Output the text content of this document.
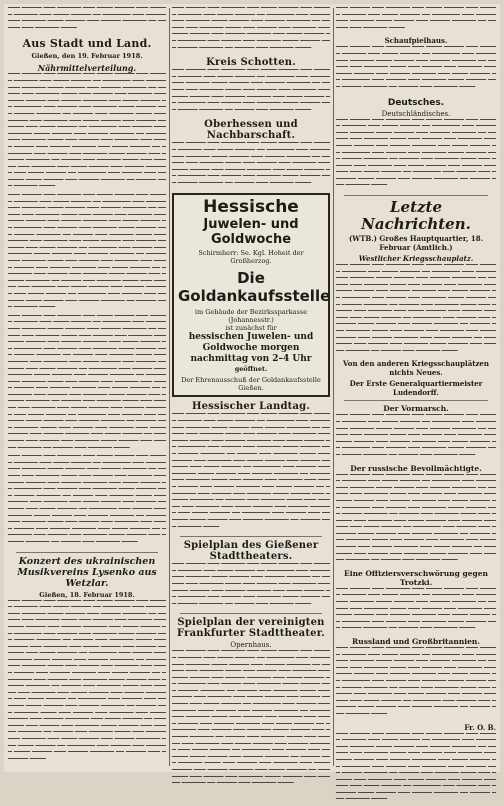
▔▔▔ ▔▔▔▔▔ ▔▔▔ ▔▔▔▔▔▔ ▔▔▔ ▔▔▔▔ ▔▔▔▔▔ ▔▔▔ ▔▔▔▔▔ ▔▔▔▔▔▔ ▔▔▔ ▔▔▔▔ ▔▔▔▔▔ ▔▔ ▔▔▔▔▔▔▔ ▔▔▔ ▔▔▔▔▔ ▔▔▔ ▔▔▔▔▔▔ ▔▔▔▔ ▔▔▔▔▔ ▔▔▔ ▔▔▔▔▔ ▔▔▔▔▔▔ ▔▔ ▔▔▔▔▔ ▔▔▔ ▔▔▔▔▔▔ ▔▔▔▔

Aus Stadt und Land.
Gießen, den 19. Februar 1918.
Nährmittelverteilung.

▔▔▔ ▔▔▔▔▔ ▔▔▔ ▔▔▔▔▔▔ ▔▔▔ ▔▔▔▔ ▔▔▔▔▔ ▔▔▔ ▔▔▔▔▔ ▔▔▔▔▔▔ ▔▔▔ ▔▔▔▔ ▔▔▔▔▔ ▔▔ ▔▔▔▔▔▔▔ ▔▔▔ ▔▔▔▔▔ ▔▔▔ ▔▔▔▔▔▔ ▔▔▔▔ ▔▔▔▔▔ ▔▔▔ ▔▔▔▔▔ ▔▔▔▔▔▔ ▔▔ ▔▔▔▔▔ ▔▔▔ ▔▔▔▔▔▔ ▔▔▔▔ ▔▔▔ ▔▔▔▔▔ ▔▔▔ ▔▔▔▔▔▔ ▔▔▔ ▔▔▔▔ ▔▔▔▔▔ ▔▔▔ ▔▔▔▔▔ ▔▔▔▔▔▔ ▔▔▔ ▔▔▔▔ ▔▔▔▔▔ ▔▔ ▔▔▔▔▔▔▔ ▔▔▔ ▔▔▔▔▔ ▔▔▔ ▔▔▔▔▔▔ ▔▔▔▔ ▔▔▔▔▔ ▔▔▔ ▔▔▔▔▔ ▔▔▔▔▔▔ ▔▔ ▔▔▔▔▔ ▔▔▔ ▔▔▔▔▔▔ ▔▔▔▔ ▔▔▔ ▔▔▔▔▔ ▔▔▔ ▔▔▔▔▔▔ ▔▔▔ ▔▔▔▔ ▔▔▔▔▔ ▔▔▔ ▔▔▔▔▔ ▔▔▔▔▔▔ ▔▔▔ ▔▔▔▔ ▔▔▔▔▔ ▔▔ ▔▔▔▔▔▔▔ ▔▔▔ ▔▔▔▔▔ ▔▔▔ ▔▔▔▔▔▔ ▔▔▔▔ ▔▔▔▔▔ ▔▔▔ ▔▔▔▔▔ ▔▔▔▔▔▔ ▔▔ ▔▔▔▔▔ ▔▔▔ ▔▔▔▔▔▔ ▔▔▔▔ ▔▔▔ ▔▔▔▔▔ ▔▔▔ ▔▔▔▔▔▔ ▔▔▔ ▔▔▔▔ ▔▔▔▔▔ ▔▔▔ ▔▔▔▔▔ ▔▔▔▔▔▔ ▔▔▔ ▔▔▔▔ ▔▔▔▔▔ ▔▔ ▔▔▔▔▔▔▔ ▔▔▔ ▔▔▔▔▔ ▔▔▔ ▔▔▔▔▔▔ ▔▔▔▔ ▔▔▔▔▔ ▔▔▔ ▔▔▔▔▔ ▔▔▔▔▔▔ ▔▔ ▔▔▔▔▔ ▔▔▔ ▔▔▔▔▔▔ ▔▔▔▔ ▔▔▔ ▔▔▔▔▔ ▔▔▔ ▔▔▔▔▔▔ ▔▔▔ ▔▔▔▔ ▔▔▔▔▔ ▔▔▔ ▔▔▔▔▔ ▔▔▔▔▔▔ ▔▔▔ ▔▔▔▔ ▔▔▔▔▔ ▔▔ ▔▔▔▔▔▔▔ ▔▔▔ ▔▔▔▔▔ ▔▔▔ ▔▔▔▔▔▔ ▔▔▔▔ ▔▔▔▔▔ ▔▔▔ ▔▔▔▔▔ ▔▔▔▔▔▔ ▔▔ ▔▔▔▔▔ ▔▔▔ ▔▔▔▔▔▔ ▔▔▔▔

▔▔▔ ▔▔▔▔▔ ▔▔▔ ▔▔▔▔▔▔ ▔▔▔ ▔▔▔▔ ▔▔▔▔▔ ▔▔▔ ▔▔▔▔▔ ▔▔▔▔▔▔ ▔▔▔ ▔▔▔▔ ▔▔▔▔▔ ▔▔ ▔▔▔▔▔▔▔ ▔▔▔ ▔▔▔▔▔ ▔▔▔ ▔▔▔▔▔▔ ▔▔▔▔ ▔▔▔▔▔ ▔▔▔ ▔▔▔▔▔ ▔▔▔▔▔▔ ▔▔ ▔▔▔▔▔ ▔▔▔ ▔▔▔▔▔▔ ▔▔▔▔ ▔▔▔ ▔▔▔▔▔ ▔▔▔ ▔▔▔▔▔▔ ▔▔▔ ▔▔▔▔ ▔▔▔▔▔ ▔▔▔ ▔▔▔▔▔ ▔▔▔▔▔▔ ▔▔▔ ▔▔▔▔ ▔▔▔▔▔ ▔▔ ▔▔▔▔▔▔▔ ▔▔▔ ▔▔▔▔▔ ▔▔▔ ▔▔▔▔▔▔ ▔▔▔▔ ▔▔▔▔▔ ▔▔▔ ▔▔▔▔▔ ▔▔▔▔▔▔ ▔▔ ▔▔▔▔▔ ▔▔▔ ▔▔▔▔▔▔ ▔▔▔▔ ▔▔▔ ▔▔▔▔▔ ▔▔▔ ▔▔▔▔▔▔ ▔▔▔ ▔▔▔▔ ▔▔▔▔▔ ▔▔▔ ▔▔▔▔▔ ▔▔▔▔▔▔ ▔▔▔ ▔▔▔▔ ▔▔▔▔▔ ▔▔ ▔▔▔▔▔▔▔ ▔▔▔ ▔▔▔▔▔ ▔▔▔ ▔▔▔▔▔▔ ▔▔▔▔ ▔▔▔▔▔ ▔▔▔ ▔▔▔▔▔ ▔▔▔▔▔▔ ▔▔ ▔▔▔▔▔ ▔▔▔ ▔▔▔▔▔▔ ▔▔▔▔ ▔▔▔ ▔▔▔▔▔ ▔▔▔ ▔▔▔▔▔▔ ▔▔▔ ▔▔▔▔ ▔▔▔▔▔ ▔▔▔ ▔▔▔▔▔ ▔▔▔▔▔▔ ▔▔▔ ▔▔▔▔ ▔▔▔▔▔ ▔▔ ▔▔▔▔▔▔▔ ▔▔▔ ▔▔▔▔▔ ▔▔▔ ▔▔▔▔▔▔ ▔▔▔▔ ▔▔▔▔▔ ▔▔▔ ▔▔▔▔▔ ▔▔▔▔▔▔ ▔▔ ▔▔▔▔▔ ▔▔▔ ▔▔▔▔▔▔ ▔▔▔▔ ▔▔▔ ▔▔▔▔▔ ▔▔▔ ▔▔▔▔▔▔ ▔▔▔ ▔▔▔▔ ▔▔▔▔▔ ▔▔▔ ▔▔▔▔▔ ▔▔▔▔▔▔ ▔▔▔ ▔▔▔▔ ▔▔▔▔▔ ▔▔ ▔▔▔▔▔▔▔ ▔▔▔ ▔▔▔▔▔ ▔▔▔ ▔▔▔▔▔▔ ▔▔▔▔ ▔▔▔▔▔ ▔▔▔ ▔▔▔▔▔ ▔▔▔▔▔▔ ▔▔ ▔▔▔▔▔ ▔▔▔ ▔▔▔▔▔▔ ▔▔▔▔

▔▔▔ ▔▔▔▔▔ ▔▔▔ ▔▔▔▔▔▔ ▔▔▔ ▔▔▔▔ ▔▔▔▔▔ ▔▔▔ ▔▔▔▔▔ ▔▔▔▔▔▔ ▔▔▔ ▔▔▔▔ ▔▔▔▔▔ ▔▔ ▔▔▔▔▔▔▔ ▔▔▔ ▔▔▔▔▔ ▔▔▔ ▔▔▔▔▔▔ ▔▔▔▔ ▔▔▔▔▔ ▔▔▔ ▔▔▔▔▔ ▔▔▔▔▔▔ ▔▔ ▔▔▔▔▔ ▔▔▔ ▔▔▔▔▔▔ ▔▔▔▔ ▔▔▔ ▔▔▔▔▔ ▔▔▔ ▔▔▔▔▔▔ ▔▔▔ ▔▔▔▔ ▔▔▔▔▔ ▔▔▔ ▔▔▔▔▔ ▔▔▔▔▔▔ ▔▔▔ ▔▔▔▔ ▔▔▔▔▔ ▔▔ ▔▔▔▔▔▔▔ ▔▔▔ ▔▔▔▔▔ ▔▔▔ ▔▔▔▔▔▔ ▔▔▔▔ ▔▔▔▔▔ ▔▔▔ ▔▔▔▔▔ ▔▔▔▔▔▔ ▔▔ ▔▔▔▔▔ ▔▔▔ ▔▔▔▔▔▔ ▔▔▔▔ ▔▔▔ ▔▔▔▔▔ ▔▔▔ ▔▔▔▔▔▔ ▔▔▔ ▔▔▔▔ ▔▔▔▔▔ ▔▔▔ ▔▔▔▔▔ ▔▔▔▔▔▔ ▔▔▔ ▔▔▔▔ ▔▔▔▔▔ ▔▔ ▔▔▔▔▔▔▔ ▔▔▔ ▔▔▔▔▔ ▔▔▔ ▔▔▔▔▔▔ ▔▔▔▔ ▔▔▔▔▔ ▔▔▔ ▔▔▔▔▔ ▔▔▔▔▔▔ ▔▔ ▔▔▔▔▔ ▔▔▔ ▔▔▔▔▔▔ ▔▔▔▔ ▔▔▔ ▔▔▔▔▔ ▔▔▔ ▔▔▔▔▔▔ ▔▔▔ ▔▔▔▔ ▔▔▔▔▔ ▔▔▔ ▔▔▔▔▔ ▔▔▔▔▔▔ ▔▔▔ ▔▔▔▔ ▔▔▔▔▔ ▔▔ ▔▔▔▔▔▔▔ ▔▔▔ ▔▔▔▔▔ ▔▔▔ ▔▔▔▔▔▔ ▔▔▔▔ ▔▔▔▔▔ ▔▔▔ ▔▔▔▔▔ ▔▔▔▔▔▔ ▔▔ ▔▔▔▔▔ ▔▔▔ ▔▔▔▔▔▔ ▔▔▔▔ ▔▔▔ ▔▔▔▔▔ ▔▔▔ ▔▔▔▔▔▔ ▔▔▔ ▔▔▔▔ ▔▔▔▔▔ ▔▔▔ ▔▔▔▔▔ ▔▔▔▔▔▔ ▔▔▔ ▔▔▔▔ ▔▔▔▔▔ ▔▔ ▔▔▔▔▔▔▔ ▔▔▔ ▔▔▔▔▔ ▔▔▔ ▔▔▔▔▔▔ ▔▔▔▔ ▔▔▔▔▔ ▔▔▔ ▔▔▔▔▔ ▔▔▔▔▔▔ ▔▔ ▔▔▔▔▔ ▔▔▔ ▔▔▔▔▔▔ ▔▔▔▔ ▔▔▔ ▔▔▔▔▔ ▔▔▔ ▔▔▔▔▔▔ ▔▔▔ ▔▔▔▔ ▔▔▔▔▔ ▔▔▔ ▔▔▔▔▔ ▔▔▔▔▔▔ ▔▔▔ ▔▔▔▔ ▔▔▔▔▔ ▔▔ ▔▔▔▔▔▔▔ ▔▔▔ ▔▔▔▔▔ ▔▔▔ ▔▔▔▔▔▔ ▔▔▔▔ ▔▔▔▔▔ ▔▔▔ ▔▔▔▔▔ ▔▔▔▔▔▔ ▔▔ ▔▔▔▔▔ ▔▔▔ ▔▔▔▔▔▔ ▔▔▔▔

▔▔▔ ▔▔▔▔▔ ▔▔▔ ▔▔▔▔▔▔ ▔▔▔ ▔▔▔▔ ▔▔▔▔▔ ▔▔▔ ▔▔▔▔▔ ▔▔▔▔▔▔ ▔▔▔ ▔▔▔▔ ▔▔▔▔▔ ▔▔ ▔▔▔▔▔▔▔ ▔▔▔ ▔▔▔▔▔ ▔▔▔ ▔▔▔▔▔▔ ▔▔▔▔ ▔▔▔▔▔ ▔▔▔ ▔▔▔▔▔ ▔▔▔▔▔▔ ▔▔ ▔▔▔▔▔ ▔▔▔ ▔▔▔▔▔▔ ▔▔▔▔ ▔▔▔ ▔▔▔▔▔ ▔▔▔ ▔▔▔▔▔▔ ▔▔▔ ▔▔▔▔ ▔▔▔▔▔ ▔▔▔ ▔▔▔▔▔ ▔▔▔▔▔▔ ▔▔▔ ▔▔▔▔ ▔▔▔▔▔ ▔▔ ▔▔▔▔▔▔▔ ▔▔▔ ▔▔▔▔▔ ▔▔▔ ▔▔▔▔▔▔ ▔▔▔▔ ▔▔▔▔▔ ▔▔▔ ▔▔▔▔▔ ▔▔▔▔▔▔ ▔▔ ▔▔▔▔▔ ▔▔▔ ▔▔▔▔▔▔ ▔▔▔▔ ▔▔▔ ▔▔▔▔▔ ▔▔▔ ▔▔▔▔▔▔ ▔▔▔ ▔▔▔▔ ▔▔▔▔▔ ▔▔▔ ▔▔▔▔▔ ▔▔▔▔▔▔ ▔▔▔ ▔▔▔▔ ▔▔▔▔▔ ▔▔ ▔▔▔▔▔▔▔ ▔▔▔ ▔▔▔▔▔ ▔▔▔ ▔▔▔▔▔▔ ▔▔▔▔ ▔▔▔▔▔ ▔▔▔ ▔▔▔▔▔ ▔▔▔▔▔▔ ▔▔ ▔▔▔▔▔ ▔▔▔ ▔▔▔▔▔▔ ▔▔▔▔ ▔▔▔ ▔▔▔▔▔ ▔▔▔ ▔▔▔▔▔▔ ▔▔▔ ▔▔▔▔ ▔▔▔▔▔ ▔▔▔ ▔▔▔▔▔ ▔▔▔▔▔▔ ▔▔▔ ▔▔▔▔ ▔▔▔▔▔ ▔▔ ▔▔▔▔▔▔▔ ▔▔▔ ▔▔▔▔▔ ▔▔▔ ▔▔▔▔▔▔ ▔▔▔▔ ▔▔▔▔▔ ▔▔▔ ▔▔▔▔▔ ▔▔▔▔▔▔ ▔▔ ▔▔▔▔▔ ▔▔▔ ▔▔▔▔▔▔ ▔▔▔▔

Konzert des ukrainischen Musikvereins Lysenko aus Wetzlar.
Gießen, 18. Februar 1918.

▔▔▔ ▔▔▔▔▔ ▔▔▔ ▔▔▔▔▔▔ ▔▔▔ ▔▔▔▔ ▔▔▔▔▔ ▔▔▔ ▔▔▔▔▔ ▔▔▔▔▔▔ ▔▔▔ ▔▔▔▔ ▔▔▔▔▔ ▔▔ ▔▔▔▔▔▔▔ ▔▔▔ ▔▔▔▔▔ ▔▔▔ ▔▔▔▔▔▔ ▔▔▔▔ ▔▔▔▔▔ ▔▔▔ ▔▔▔▔▔ ▔▔▔▔▔▔ ▔▔ ▔▔▔▔▔ ▔▔▔ ▔▔▔▔▔▔ ▔▔▔▔ ▔▔▔ ▔▔▔▔▔ ▔▔▔ ▔▔▔▔▔▔ ▔▔▔ ▔▔▔▔ ▔▔▔▔▔ ▔▔▔ ▔▔▔▔▔ ▔▔▔▔▔▔ ▔▔▔ ▔▔▔▔ ▔▔▔▔▔ ▔▔ ▔▔▔▔▔▔▔ ▔▔▔ ▔▔▔▔▔ ▔▔▔ ▔▔▔▔▔▔ ▔▔▔▔ ▔▔▔▔▔ ▔▔▔ ▔▔▔▔▔ ▔▔▔▔▔▔ ▔▔ ▔▔▔▔▔ ▔▔▔ ▔▔▔▔▔▔ ▔▔▔▔ ▔▔▔ ▔▔▔▔▔ ▔▔▔ ▔▔▔▔▔▔ ▔▔▔ ▔▔▔▔ ▔▔▔▔▔ ▔▔▔ ▔▔▔▔▔ ▔▔▔▔▔▔ ▔▔▔ ▔▔▔▔ ▔▔▔▔▔ ▔▔ ▔▔▔▔▔▔▔ ▔▔▔ ▔▔▔▔▔ ▔▔▔ ▔▔▔▔▔▔ ▔▔▔▔ ▔▔▔▔▔ ▔▔▔ ▔▔▔▔▔ ▔▔▔▔▔▔ ▔▔ ▔▔▔▔▔ ▔▔▔ ▔▔▔▔▔▔ ▔▔▔▔ ▔▔▔ ▔▔▔▔▔ ▔▔▔ ▔▔▔▔▔▔ ▔▔▔ ▔▔▔▔ ▔▔▔▔▔ ▔▔▔ ▔▔▔▔▔ ▔▔▔▔▔▔ ▔▔▔ ▔▔▔▔ ▔▔▔▔▔ ▔▔ ▔▔▔▔▔▔▔ ▔▔▔ ▔▔▔▔▔ ▔▔▔ ▔▔▔▔▔▔ ▔▔▔▔ ▔▔▔▔▔ ▔▔▔ ▔▔▔▔▔ ▔▔▔▔▔▔ ▔▔ ▔▔▔▔▔ ▔▔▔ ▔▔▔▔▔▔ ▔▔▔▔ ▔▔▔ ▔▔▔▔▔ ▔▔▔ ▔▔▔▔▔▔ ▔▔▔ ▔▔▔▔ ▔▔▔▔▔ ▔▔▔ ▔▔▔▔▔ ▔▔▔▔▔▔ ▔▔▔ ▔▔▔▔ ▔▔▔▔▔ ▔▔ ▔▔▔▔▔▔▔ ▔▔▔ ▔▔▔▔▔ ▔▔▔ ▔▔▔▔▔▔ ▔▔▔▔ ▔▔▔▔▔ ▔▔▔ ▔▔▔▔▔ ▔▔▔▔▔▔ ▔▔ ▔▔▔▔▔ ▔▔▔ ▔▔▔▔▔▔ ▔▔▔▔ ▔▔▔ ▔▔▔▔▔ ▔▔▔ ▔▔▔▔▔▔ ▔▔▔ ▔▔▔▔ ▔▔▔▔▔ ▔▔▔ ▔▔▔▔▔ ▔▔▔▔▔▔ ▔▔▔ ▔▔▔▔ ▔▔▔▔▔ ▔▔ ▔▔▔▔▔▔▔ ▔▔▔ ▔▔▔▔▔ ▔▔▔ ▔▔▔▔▔▔ ▔▔▔▔ ▔▔▔▔▔ ▔▔▔ ▔▔▔▔▔ ▔▔▔▔▔▔ ▔▔ ▔▔▔▔▔ ▔▔▔ ▔▔▔▔▔▔ ▔▔▔▔ ▔▔▔ ▔▔▔▔▔ ▔▔▔ ▔▔▔▔▔▔ ▔▔▔ ▔▔▔▔ ▔▔▔▔▔ ▔▔▔ ▔▔▔▔▔ ▔▔▔▔▔▔ ▔▔▔ ▔▔▔▔ ▔▔▔▔▔ ▔▔ ▔▔▔▔▔▔▔ ▔▔▔ ▔▔▔▔▔ ▔▔▔ ▔▔▔▔▔▔ ▔▔▔▔ ▔▔▔▔▔ ▔▔▔ ▔▔▔▔▔ ▔▔▔▔▔▔ ▔▔ ▔▔▔▔▔ ▔▔▔ ▔▔▔▔▔▔ ▔▔▔▔

▔▔▔ ▔▔▔▔▔ ▔▔▔ ▔▔▔▔▔▔ ▔▔▔ ▔▔▔▔ ▔▔▔▔▔ ▔▔▔ ▔▔▔▔▔ ▔▔▔▔▔▔ ▔▔▔ ▔▔▔▔ ▔▔▔▔▔ ▔▔ ▔▔▔▔▔▔▔ ▔▔▔ ▔▔▔▔▔ ▔▔▔ ▔▔▔▔▔▔ ▔▔▔▔ ▔▔▔▔▔ ▔▔▔ ▔▔▔▔▔ ▔▔▔▔▔▔ ▔▔ ▔▔▔▔▔ ▔▔▔ ▔▔▔▔▔▔ ▔▔▔▔ ▔▔▔ ▔▔▔▔▔ ▔▔▔ ▔▔▔▔▔▔ ▔▔▔ ▔▔▔▔ ▔▔▔▔▔ ▔▔▔ ▔▔▔▔▔ ▔▔▔▔▔▔ ▔▔▔ ▔▔▔▔ ▔▔▔▔▔ ▔▔ ▔▔▔▔▔▔▔ ▔▔▔ ▔▔▔▔▔ ▔▔▔ ▔▔▔▔▔▔ ▔▔▔▔ ▔▔▔▔▔ ▔▔▔ ▔▔▔▔▔ ▔▔▔▔▔▔ ▔▔ ▔▔▔▔▔ ▔▔▔ ▔▔▔▔▔▔ ▔▔▔▔

Kreis Schotten.

▔▔▔ ▔▔▔▔▔ ▔▔▔ ▔▔▔▔▔▔ ▔▔▔ ▔▔▔▔ ▔▔▔▔▔ ▔▔▔ ▔▔▔▔▔ ▔▔▔▔▔▔ ▔▔▔ ▔▔▔▔ ▔▔▔▔▔ ▔▔ ▔▔▔▔▔▔▔ ▔▔▔ ▔▔▔▔▔ ▔▔▔ ▔▔▔▔▔▔ ▔▔▔▔ ▔▔▔▔▔ ▔▔▔ ▔▔▔▔▔ ▔▔▔▔▔▔ ▔▔ ▔▔▔▔▔ ▔▔▔ ▔▔▔▔▔▔ ▔▔▔▔ ▔▔▔ ▔▔▔▔▔ ▔▔▔ ▔▔▔▔▔▔ ▔▔▔ ▔▔▔▔ ▔▔▔▔▔ ▔▔▔ ▔▔▔▔▔ ▔▔▔▔▔▔ ▔▔▔ ▔▔▔▔ ▔▔▔▔▔ ▔▔ ▔▔▔▔▔▔▔ ▔▔▔ ▔▔▔▔▔ ▔▔▔ ▔▔▔▔▔▔ ▔▔▔▔ ▔▔▔▔▔ ▔▔▔ ▔▔▔▔▔ ▔▔▔▔▔▔ ▔▔ ▔▔▔▔▔ ▔▔▔ ▔▔▔▔▔▔ ▔▔▔▔

Oberhessen und Nachbarschaft.

▔▔▔ ▔▔▔▔▔ ▔▔▔ ▔▔▔▔▔▔ ▔▔▔ ▔▔▔▔ ▔▔▔▔▔ ▔▔▔ ▔▔▔▔▔ ▔▔▔▔▔▔ ▔▔▔ ▔▔▔▔ ▔▔▔▔▔ ▔▔ ▔▔▔▔▔▔▔ ▔▔▔ ▔▔▔▔▔ ▔▔▔ ▔▔▔▔▔▔ ▔▔▔▔ ▔▔▔▔▔ ▔▔▔ ▔▔▔▔▔ ▔▔▔▔▔▔ ▔▔ ▔▔▔▔▔ ▔▔▔ ▔▔▔▔▔▔ ▔▔▔▔ ▔▔▔ ▔▔▔▔▔ ▔▔▔ ▔▔▔▔▔▔ ▔▔▔ ▔▔▔▔ ▔▔▔▔▔ ▔▔▔ ▔▔▔▔▔ ▔▔▔▔▔▔ ▔▔▔ ▔▔▔▔ ▔▔▔▔▔ ▔▔ ▔▔▔▔▔▔▔ ▔▔▔ ▔▔▔▔▔ ▔▔▔ ▔▔▔▔▔▔ ▔▔▔▔ ▔▔▔▔▔ ▔▔▔ ▔▔▔▔▔ ▔▔▔▔▔▔ ▔▔ ▔▔▔▔▔ ▔▔▔ ▔▔▔▔▔▔ ▔▔▔▔

Hessische
Juwelen- und Goldwoche
Schirmherr: Se. Kgl. Hoheit der Großherzog.
Die Goldankaufsstelle
im Gebäude der Bezirkssparkasse (Johannesstr.)
ist zunächst für
hessischen Juwelen- und Goldwoche morgen nachmittag von 2–4 Uhr
geöffnet.
Der Ehrenausschuß der Goldankaufsstelle Gießen.
Hessischer Landtag.

▔▔▔ ▔▔▔▔▔ ▔▔▔ ▔▔▔▔▔▔ ▔▔▔ ▔▔▔▔ ▔▔▔▔▔ ▔▔▔ ▔▔▔▔▔ ▔▔▔▔▔▔ ▔▔▔ ▔▔▔▔ ▔▔▔▔▔ ▔▔ ▔▔▔▔▔▔▔ ▔▔▔ ▔▔▔▔▔ ▔▔▔ ▔▔▔▔▔▔ ▔▔▔▔ ▔▔▔▔▔ ▔▔▔ ▔▔▔▔▔ ▔▔▔▔▔▔ ▔▔ ▔▔▔▔▔ ▔▔▔ ▔▔▔▔▔▔ ▔▔▔▔ ▔▔▔ ▔▔▔▔▔ ▔▔▔ ▔▔▔▔▔▔ ▔▔▔ ▔▔▔▔ ▔▔▔▔▔ ▔▔▔ ▔▔▔▔▔ ▔▔▔▔▔▔ ▔▔▔ ▔▔▔▔ ▔▔▔▔▔ ▔▔ ▔▔▔▔▔▔▔ ▔▔▔ ▔▔▔▔▔ ▔▔▔ ▔▔▔▔▔▔ ▔▔▔▔ ▔▔▔▔▔ ▔▔▔ ▔▔▔▔▔ ▔▔▔▔▔▔ ▔▔ ▔▔▔▔▔ ▔▔▔ ▔▔▔▔▔▔ ▔▔▔▔ ▔▔▔ ▔▔▔▔▔ ▔▔▔ ▔▔▔▔▔▔ ▔▔▔ ▔▔▔▔ ▔▔▔▔▔ ▔▔▔ ▔▔▔▔▔ ▔▔▔▔▔▔ ▔▔▔ ▔▔▔▔ ▔▔▔▔▔ ▔▔ ▔▔▔▔▔▔▔ ▔▔▔ ▔▔▔▔▔ ▔▔▔ ▔▔▔▔▔▔ ▔▔▔▔ ▔▔▔▔▔ ▔▔▔ ▔▔▔▔▔ ▔▔▔▔▔▔ ▔▔ ▔▔▔▔▔ ▔▔▔ ▔▔▔▔▔▔ ▔▔▔▔ ▔▔▔ ▔▔▔▔▔ ▔▔▔ ▔▔▔▔▔▔ ▔▔▔ ▔▔▔▔ ▔▔▔▔▔ ▔▔▔ ▔▔▔▔▔ ▔▔▔▔▔▔ ▔▔▔ ▔▔▔▔ ▔▔▔▔▔ ▔▔ ▔▔▔▔▔▔▔ ▔▔▔ ▔▔▔▔▔ ▔▔▔ ▔▔▔▔▔▔ ▔▔▔▔ ▔▔▔▔▔ ▔▔▔ ▔▔▔▔▔ ▔▔▔▔▔▔ ▔▔ ▔▔▔▔▔ ▔▔▔ ▔▔▔▔▔▔ ▔▔▔▔ ▔▔▔ ▔▔▔▔▔ ▔▔▔ ▔▔▔▔▔▔ ▔▔▔ ▔▔▔▔ ▔▔▔▔▔ ▔▔▔ ▔▔▔▔▔ ▔▔▔▔▔▔ ▔▔▔ ▔▔▔▔ ▔▔▔▔▔ ▔▔ ▔▔▔▔▔▔▔ ▔▔▔ ▔▔▔▔▔ ▔▔▔ ▔▔▔▔▔▔ ▔▔▔▔ ▔▔▔▔▔ ▔▔▔ ▔▔▔▔▔ ▔▔▔▔▔▔ ▔▔ ▔▔▔▔▔ ▔▔▔ ▔▔▔▔▔▔ ▔▔▔▔

Spielplan des Gießener Stadttheaters.

▔▔▔ ▔▔▔▔▔ ▔▔▔ ▔▔▔▔▔▔ ▔▔▔ ▔▔▔▔ ▔▔▔▔▔ ▔▔▔ ▔▔▔▔▔ ▔▔▔▔▔▔ ▔▔▔ ▔▔▔▔ ▔▔▔▔▔ ▔▔ ▔▔▔▔▔▔▔ ▔▔▔ ▔▔▔▔▔ ▔▔▔ ▔▔▔▔▔▔ ▔▔▔▔ ▔▔▔▔▔ ▔▔▔ ▔▔▔▔▔ ▔▔▔▔▔▔ ▔▔ ▔▔▔▔▔ ▔▔▔ ▔▔▔▔▔▔ ▔▔▔▔ ▔▔▔ ▔▔▔▔▔ ▔▔▔ ▔▔▔▔▔▔ ▔▔▔ ▔▔▔▔ ▔▔▔▔▔ ▔▔▔ ▔▔▔▔▔ ▔▔▔▔▔▔ ▔▔▔ ▔▔▔▔ ▔▔▔▔▔ ▔▔ ▔▔▔▔▔▔▔ ▔▔▔ ▔▔▔▔▔ ▔▔▔ ▔▔▔▔▔▔ ▔▔▔▔ ▔▔▔▔▔ ▔▔▔ ▔▔▔▔▔ ▔▔▔▔▔▔ ▔▔ ▔▔▔▔▔ ▔▔▔ ▔▔▔▔▔▔ ▔▔▔▔

Spielplan der vereinigten Frankfurter Stadttheater.
Opernhaus.

▔▔▔ ▔▔▔▔▔ ▔▔▔ ▔▔▔▔▔▔ ▔▔▔ ▔▔▔▔ ▔▔▔▔▔ ▔▔▔ ▔▔▔▔▔ ▔▔▔▔▔▔ ▔▔▔ ▔▔▔▔ ▔▔▔▔▔ ▔▔ ▔▔▔▔▔▔▔ ▔▔▔ ▔▔▔▔▔ ▔▔▔ ▔▔▔▔▔▔ ▔▔▔▔ ▔▔▔▔▔ ▔▔▔ ▔▔▔▔▔ ▔▔▔▔▔▔ ▔▔ ▔▔▔▔▔ ▔▔▔ ▔▔▔▔▔▔ ▔▔▔▔ ▔▔▔ ▔▔▔▔▔ ▔▔▔ ▔▔▔▔▔▔ ▔▔▔ ▔▔▔▔ ▔▔▔▔▔ ▔▔▔ ▔▔▔▔▔ ▔▔▔▔▔▔ ▔▔▔ ▔▔▔▔ ▔▔▔▔▔ ▔▔ ▔▔▔▔▔▔▔ ▔▔▔ ▔▔▔▔▔ ▔▔▔ ▔▔▔▔▔▔ ▔▔▔▔ ▔▔▔▔▔ ▔▔▔ ▔▔▔▔▔ ▔▔▔▔▔▔ ▔▔ ▔▔▔▔▔ ▔▔▔ ▔▔▔▔▔▔ ▔▔▔▔ ▔▔▔ ▔▔▔▔▔ ▔▔▔ ▔▔▔▔▔▔ ▔▔▔ ▔▔▔▔ ▔▔▔▔▔ ▔▔▔ ▔▔▔▔▔ ▔▔▔▔▔▔ ▔▔▔ ▔▔▔▔ ▔▔▔▔▔ ▔▔ ▔▔▔▔▔▔▔ ▔▔▔ ▔▔▔▔▔ ▔▔▔ ▔▔▔▔▔▔ ▔▔▔▔ ▔▔▔▔▔ ▔▔▔ ▔▔▔▔▔ ▔▔▔▔▔▔ ▔▔ ▔▔▔▔▔ ▔▔▔ ▔▔▔▔▔▔ ▔▔▔▔ ▔▔▔ ▔▔▔▔▔ ▔▔▔ ▔▔▔▔▔▔ ▔▔▔ ▔▔▔▔ ▔▔▔▔▔ ▔▔▔ ▔▔▔▔▔ ▔▔▔▔▔▔ ▔▔▔ ▔▔▔▔ ▔▔▔▔▔ ▔▔ ▔▔▔▔▔▔▔ ▔▔▔ ▔▔▔▔▔ ▔▔▔ ▔▔▔▔▔▔ ▔▔▔▔ ▔▔▔▔▔ ▔▔▔ ▔▔▔▔▔ ▔▔▔▔▔▔ ▔▔ ▔▔▔▔▔ ▔▔▔ ▔▔▔▔▔▔ ▔▔▔▔ ▔▔▔ ▔▔▔▔▔ ▔▔▔ ▔▔▔▔▔▔ ▔▔▔ ▔▔▔▔ ▔▔▔▔▔ ▔▔▔ ▔▔▔▔▔ ▔▔▔▔▔▔ ▔▔▔ ▔▔▔▔ ▔▔▔▔▔ ▔▔ ▔▔▔▔▔▔▔ ▔▔▔ ▔▔▔▔▔ ▔▔▔ ▔▔▔▔▔▔ ▔▔▔▔ ▔▔▔▔▔ ▔▔▔ ▔▔▔▔▔ ▔▔▔▔▔▔ ▔▔ ▔▔▔▔▔ ▔▔▔ ▔▔▔▔▔▔ ▔▔▔▔ ▔▔▔ ▔▔▔▔▔ ▔▔▔ ▔▔▔▔▔▔ ▔▔▔ ▔▔▔▔ ▔▔▔▔▔ ▔▔▔ ▔▔▔▔▔ ▔▔▔▔▔▔ ▔▔▔ ▔▔▔▔ ▔▔▔▔▔ ▔▔ ▔▔▔▔▔▔▔ ▔▔▔ ▔▔▔▔▔ ▔▔▔ ▔▔▔▔▔▔ ▔▔▔▔ ▔▔▔▔▔ ▔▔▔ ▔▔▔▔▔ ▔▔▔▔▔▔ ▔▔ ▔▔▔▔▔ ▔▔▔ ▔▔▔▔▔▔ ▔▔▔▔

▔▔▔ ▔▔▔▔▔ ▔▔▔ ▔▔▔▔▔▔ ▔▔▔ ▔▔▔▔ ▔▔▔▔▔ ▔▔▔ ▔▔▔▔▔ ▔▔▔▔▔▔ ▔▔▔ ▔▔▔▔ ▔▔▔▔▔ ▔▔ ▔▔▔▔▔▔▔ ▔▔▔ ▔▔▔▔▔ ▔▔▔ ▔▔▔▔▔▔ ▔▔▔▔ ▔▔▔▔▔ ▔▔▔ ▔▔▔▔▔ ▔▔▔▔▔▔ ▔▔ ▔▔▔▔▔ ▔▔▔ ▔▔▔▔▔▔ ▔▔▔▔

Schaufpielhaus.

▔▔▔ ▔▔▔▔▔ ▔▔▔ ▔▔▔▔▔▔ ▔▔▔ ▔▔▔▔ ▔▔▔▔▔ ▔▔▔ ▔▔▔▔▔ ▔▔▔▔▔▔ ▔▔▔ ▔▔▔▔ ▔▔▔▔▔ ▔▔ ▔▔▔▔▔▔▔ ▔▔▔ ▔▔▔▔▔ ▔▔▔ ▔▔▔▔▔▔ ▔▔▔▔ ▔▔▔▔▔ ▔▔▔ ▔▔▔▔▔ ▔▔▔▔▔▔ ▔▔ ▔▔▔▔▔ ▔▔▔ ▔▔▔▔▔▔ ▔▔▔▔ ▔▔▔ ▔▔▔▔▔ ▔▔▔ ▔▔▔▔▔▔ ▔▔▔ ▔▔▔▔ ▔▔▔▔▔ ▔▔▔ ▔▔▔▔▔ ▔▔▔▔▔▔ ▔▔▔ ▔▔▔▔ ▔▔▔▔▔ ▔▔ ▔▔▔▔▔▔▔ ▔▔▔ ▔▔▔▔▔ ▔▔▔ ▔▔▔▔▔▔ ▔▔▔▔ ▔▔▔▔▔ ▔▔▔ ▔▔▔▔▔ ▔▔▔▔▔▔ ▔▔ ▔▔▔▔▔ ▔▔▔ ▔▔▔▔▔▔ ▔▔▔▔

Deutsches.
Deutschländisches.

▔▔▔ ▔▔▔▔▔ ▔▔▔ ▔▔▔▔▔▔ ▔▔▔ ▔▔▔▔ ▔▔▔▔▔ ▔▔▔ ▔▔▔▔▔ ▔▔▔▔▔▔ ▔▔▔ ▔▔▔▔ ▔▔▔▔▔ ▔▔ ▔▔▔▔▔▔▔ ▔▔▔ ▔▔▔▔▔ ▔▔▔ ▔▔▔▔▔▔ ▔▔▔▔ ▔▔▔▔▔ ▔▔▔ ▔▔▔▔▔ ▔▔▔▔▔▔ ▔▔ ▔▔▔▔▔ ▔▔▔ ▔▔▔▔▔▔ ▔▔▔▔ ▔▔▔ ▔▔▔▔▔ ▔▔▔ ▔▔▔▔▔▔ ▔▔▔ ▔▔▔▔ ▔▔▔▔▔ ▔▔▔ ▔▔▔▔▔ ▔▔▔▔▔▔ ▔▔▔ ▔▔▔▔ ▔▔▔▔▔ ▔▔ ▔▔▔▔▔▔▔ ▔▔▔ ▔▔▔▔▔ ▔▔▔ ▔▔▔▔▔▔ ▔▔▔▔ ▔▔▔▔▔ ▔▔▔ ▔▔▔▔▔ ▔▔▔▔▔▔ ▔▔ ▔▔▔▔▔ ▔▔▔ ▔▔▔▔▔▔ ▔▔▔▔ ▔▔▔ ▔▔▔▔▔ ▔▔▔ ▔▔▔▔▔▔ ▔▔▔ ▔▔▔▔ ▔▔▔▔▔ ▔▔▔ ▔▔▔▔▔ ▔▔▔▔▔▔ ▔▔▔ ▔▔▔▔ ▔▔▔▔▔ ▔▔ ▔▔▔▔▔▔▔ ▔▔▔ ▔▔▔▔▔ ▔▔▔ ▔▔▔▔▔▔ ▔▔▔▔ ▔▔▔▔▔ ▔▔▔ ▔▔▔▔▔ ▔▔▔▔▔▔ ▔▔ ▔▔▔▔▔ ▔▔▔ ▔▔▔▔▔▔ ▔▔▔▔

Letzte Nachrichten.
(WTB.) Großes Hauptquartier, 18. Februar (Amtlich.)
Westlicher Kriegsschauplatz.

▔▔▔ ▔▔▔▔▔ ▔▔▔ ▔▔▔▔▔▔ ▔▔▔ ▔▔▔▔ ▔▔▔▔▔ ▔▔▔ ▔▔▔▔▔ ▔▔▔▔▔▔ ▔▔▔ ▔▔▔▔ ▔▔▔▔▔ ▔▔ ▔▔▔▔▔▔▔ ▔▔▔ ▔▔▔▔▔ ▔▔▔ ▔▔▔▔▔▔ ▔▔▔▔ ▔▔▔▔▔ ▔▔▔ ▔▔▔▔▔ ▔▔▔▔▔▔ ▔▔ ▔▔▔▔▔ ▔▔▔ ▔▔▔▔▔▔ ▔▔▔▔ ▔▔▔ ▔▔▔▔▔ ▔▔▔ ▔▔▔▔▔▔ ▔▔▔ ▔▔▔▔ ▔▔▔▔▔ ▔▔▔ ▔▔▔▔▔ ▔▔▔▔▔▔ ▔▔▔ ▔▔▔▔ ▔▔▔▔▔ ▔▔ ▔▔▔▔▔▔▔ ▔▔▔ ▔▔▔▔▔ ▔▔▔ ▔▔▔▔▔▔ ▔▔▔▔ ▔▔▔▔▔ ▔▔▔ ▔▔▔▔▔ ▔▔▔▔▔▔ ▔▔ ▔▔▔▔▔ ▔▔▔ ▔▔▔▔▔▔ ▔▔▔▔ ▔▔▔ ▔▔▔▔▔ ▔▔▔ ▔▔▔▔▔▔ ▔▔▔ ▔▔▔▔ ▔▔▔▔▔ ▔▔▔ ▔▔▔▔▔ ▔▔▔▔▔▔ ▔▔▔ ▔▔▔▔ ▔▔▔▔▔ ▔▔ ▔▔▔▔▔▔▔ ▔▔▔ ▔▔▔▔▔ ▔▔▔ ▔▔▔▔▔▔ ▔▔▔▔ ▔▔▔▔▔ ▔▔▔ ▔▔▔▔▔ ▔▔▔▔▔▔ ▔▔ ▔▔▔▔▔ ▔▔▔ ▔▔▔▔▔▔ ▔▔▔▔ ▔▔▔ ▔▔▔▔▔ ▔▔▔ ▔▔▔▔▔▔ ▔▔▔ ▔▔▔▔ ▔▔▔▔▔ ▔▔▔ ▔▔▔▔▔ ▔▔▔▔▔▔ ▔▔▔ ▔▔▔▔ ▔▔▔▔▔ ▔▔ ▔▔▔▔▔▔▔ ▔▔▔ ▔▔▔▔▔ ▔▔▔ ▔▔▔▔▔▔ ▔▔▔▔ ▔▔▔▔▔ ▔▔▔ ▔▔▔▔▔ ▔▔▔▔▔▔ ▔▔ ▔▔▔▔▔ ▔▔▔ ▔▔▔▔▔▔ ▔▔▔▔

Von den anderen Kriegsschauplätzen nichts Neues.
Der Erste Generalquartiermeister Ludendorff.
Der Vormarsch.

▔▔▔ ▔▔▔▔▔ ▔▔▔ ▔▔▔▔▔▔ ▔▔▔ ▔▔▔▔ ▔▔▔▔▔ ▔▔▔ ▔▔▔▔▔ ▔▔▔▔▔▔ ▔▔▔ ▔▔▔▔ ▔▔▔▔▔ ▔▔ ▔▔▔▔▔▔▔ ▔▔▔ ▔▔▔▔▔ ▔▔▔ ▔▔▔▔▔▔ ▔▔▔▔ ▔▔▔▔▔ ▔▔▔ ▔▔▔▔▔ ▔▔▔▔▔▔ ▔▔ ▔▔▔▔▔ ▔▔▔ ▔▔▔▔▔▔ ▔▔▔▔ ▔▔▔ ▔▔▔▔▔ ▔▔▔ ▔▔▔▔▔▔ ▔▔▔ ▔▔▔▔ ▔▔▔▔▔ ▔▔▔ ▔▔▔▔▔ ▔▔▔▔▔▔ ▔▔▔ ▔▔▔▔ ▔▔▔▔▔ ▔▔ ▔▔▔▔▔▔▔ ▔▔▔ ▔▔▔▔▔ ▔▔▔ ▔▔▔▔▔▔ ▔▔▔▔ ▔▔▔▔▔ ▔▔▔ ▔▔▔▔▔ ▔▔▔▔▔▔ ▔▔ ▔▔▔▔▔ ▔▔▔ ▔▔▔▔▔▔ ▔▔▔▔

Der russische Bevollmächtigte.

▔▔▔ ▔▔▔▔▔ ▔▔▔ ▔▔▔▔▔▔ ▔▔▔ ▔▔▔▔ ▔▔▔▔▔ ▔▔▔ ▔▔▔▔▔ ▔▔▔▔▔▔ ▔▔▔ ▔▔▔▔ ▔▔▔▔▔ ▔▔ ▔▔▔▔▔▔▔ ▔▔▔ ▔▔▔▔▔ ▔▔▔ ▔▔▔▔▔▔ ▔▔▔▔ ▔▔▔▔▔ ▔▔▔ ▔▔▔▔▔ ▔▔▔▔▔▔ ▔▔ ▔▔▔▔▔ ▔▔▔ ▔▔▔▔▔▔ ▔▔▔▔ ▔▔▔ ▔▔▔▔▔ ▔▔▔ ▔▔▔▔▔▔ ▔▔▔ ▔▔▔▔ ▔▔▔▔▔ ▔▔▔ ▔▔▔▔▔ ▔▔▔▔▔▔ ▔▔▔ ▔▔▔▔ ▔▔▔▔▔ ▔▔ ▔▔▔▔▔▔▔ ▔▔▔ ▔▔▔▔▔ ▔▔▔ ▔▔▔▔▔▔ ▔▔▔▔ ▔▔▔▔▔ ▔▔▔ ▔▔▔▔▔ ▔▔▔▔▔▔ ▔▔ ▔▔▔▔▔ ▔▔▔ ▔▔▔▔▔▔ ▔▔▔▔ ▔▔▔ ▔▔▔▔▔ ▔▔▔ ▔▔▔▔▔▔ ▔▔▔ ▔▔▔▔ ▔▔▔▔▔ ▔▔▔ ▔▔▔▔▔ ▔▔▔▔▔▔ ▔▔▔ ▔▔▔▔ ▔▔▔▔▔ ▔▔ ▔▔▔▔▔▔▔ ▔▔▔ ▔▔▔▔▔ ▔▔▔ ▔▔▔▔▔▔ ▔▔▔▔ ▔▔▔▔▔ ▔▔▔ ▔▔▔▔▔ ▔▔▔▔▔▔ ▔▔ ▔▔▔▔▔ ▔▔▔ ▔▔▔▔▔▔ ▔▔▔▔ ▔▔▔ ▔▔▔▔▔ ▔▔▔ ▔▔▔▔▔▔ ▔▔▔ ▔▔▔▔ ▔▔▔▔▔ ▔▔▔ ▔▔▔▔▔ ▔▔▔▔▔▔ ▔▔▔ ▔▔▔▔ ▔▔▔▔▔ ▔▔ ▔▔▔▔▔▔▔ ▔▔▔ ▔▔▔▔▔ ▔▔▔ ▔▔▔▔▔▔ ▔▔▔▔ ▔▔▔▔▔ ▔▔▔ ▔▔▔▔▔ ▔▔▔▔▔▔ ▔▔ ▔▔▔▔▔ ▔▔▔ ▔▔▔▔▔▔ ▔▔▔▔

Eine Offiziersverschwörung gegen Trotzki.

▔▔▔ ▔▔▔▔▔ ▔▔▔ ▔▔▔▔▔▔ ▔▔▔ ▔▔▔▔ ▔▔▔▔▔ ▔▔▔ ▔▔▔▔▔ ▔▔▔▔▔▔ ▔▔▔ ▔▔▔▔ ▔▔▔▔▔ ▔▔ ▔▔▔▔▔▔▔ ▔▔▔ ▔▔▔▔▔ ▔▔▔ ▔▔▔▔▔▔ ▔▔▔▔ ▔▔▔▔▔ ▔▔▔ ▔▔▔▔▔ ▔▔▔▔▔▔ ▔▔ ▔▔▔▔▔ ▔▔▔ ▔▔▔▔▔▔ ▔▔▔▔ ▔▔▔ ▔▔▔▔▔ ▔▔▔ ▔▔▔▔▔▔ ▔▔▔ ▔▔▔▔ ▔▔▔▔▔ ▔▔▔ ▔▔▔▔▔ ▔▔▔▔▔▔ ▔▔▔ ▔▔▔▔ ▔▔▔▔▔ ▔▔ ▔▔▔▔▔▔▔ ▔▔▔ ▔▔▔▔▔ ▔▔▔ ▔▔▔▔▔▔ ▔▔▔▔ ▔▔▔▔▔ ▔▔▔ ▔▔▔▔▔ ▔▔▔▔▔▔ ▔▔ ▔▔▔▔▔ ▔▔▔ ▔▔▔▔▔▔ ▔▔▔▔

Russland und Großbritannien.

▔▔▔ ▔▔▔▔▔ ▔▔▔ ▔▔▔▔▔▔ ▔▔▔ ▔▔▔▔ ▔▔▔▔▔ ▔▔▔ ▔▔▔▔▔ ▔▔▔▔▔▔ ▔▔▔ ▔▔▔▔ ▔▔▔▔▔ ▔▔ ▔▔▔▔▔▔▔ ▔▔▔ ▔▔▔▔▔ ▔▔▔ ▔▔▔▔▔▔ ▔▔▔▔ ▔▔▔▔▔ ▔▔▔ ▔▔▔▔▔ ▔▔▔▔▔▔ ▔▔ ▔▔▔▔▔ ▔▔▔ ▔▔▔▔▔▔ ▔▔▔▔ ▔▔▔ ▔▔▔▔▔ ▔▔▔ ▔▔▔▔▔▔ ▔▔▔ ▔▔▔▔ ▔▔▔▔▔ ▔▔▔ ▔▔▔▔▔ ▔▔▔▔▔▔ ▔▔▔ ▔▔▔▔ ▔▔▔▔▔ ▔▔ ▔▔▔▔▔▔▔ ▔▔▔ ▔▔▔▔▔ ▔▔▔ ▔▔▔▔▔▔ ▔▔▔▔ ▔▔▔▔▔ ▔▔▔ ▔▔▔▔▔ ▔▔▔▔▔▔ ▔▔ ▔▔▔▔▔ ▔▔▔ ▔▔▔▔▔▔ ▔▔▔▔ ▔▔▔ ▔▔▔▔▔ ▔▔▔ ▔▔▔▔▔▔ ▔▔▔ ▔▔▔▔ ▔▔▔▔▔ ▔▔▔ ▔▔▔▔▔ ▔▔▔▔▔▔ ▔▔▔ ▔▔▔▔ ▔▔▔▔▔ ▔▔ ▔▔▔▔▔▔▔ ▔▔▔ ▔▔▔▔▔ ▔▔▔ ▔▔▔▔▔▔ ▔▔▔▔ ▔▔▔▔▔ ▔▔▔ ▔▔▔▔▔ ▔▔▔▔▔▔ ▔▔ ▔▔▔▔▔ ▔▔▔ ▔▔▔▔▔▔ ▔▔▔▔

Fr. O. B.

▔▔▔ ▔▔▔▔▔ ▔▔▔ ▔▔▔▔▔▔ ▔▔▔ ▔▔▔▔ ▔▔▔▔▔ ▔▔▔ ▔▔▔▔▔ ▔▔▔▔▔▔ ▔▔▔ ▔▔▔▔ ▔▔▔▔▔ ▔▔ ▔▔▔▔▔▔▔ ▔▔▔ ▔▔▔▔▔ ▔▔▔ ▔▔▔▔▔▔ ▔▔▔▔ ▔▔▔▔▔ ▔▔▔ ▔▔▔▔▔ ▔▔▔▔▔▔ ▔▔ ▔▔▔▔▔ ▔▔▔ ▔▔▔▔▔▔ ▔▔▔▔ ▔▔▔ ▔▔▔▔▔ ▔▔▔ ▔▔▔▔▔▔ ▔▔▔ ▔▔▔▔ ▔▔▔▔▔ ▔▔▔ ▔▔▔▔▔ ▔▔▔▔▔▔ ▔▔▔ ▔▔▔▔ ▔▔▔▔▔ ▔▔ ▔▔▔▔▔▔▔ ▔▔▔ ▔▔▔▔▔ ▔▔▔ ▔▔▔▔▔▔ ▔▔▔▔ ▔▔▔▔▔ ▔▔▔ ▔▔▔▔▔ ▔▔▔▔▔▔ ▔▔ ▔▔▔▔▔ ▔▔▔ ▔▔▔▔▔▔ ▔▔▔▔ ▔▔▔ ▔▔▔▔▔ ▔▔▔ ▔▔▔▔▔▔ ▔▔▔ ▔▔▔▔ ▔▔▔▔▔ ▔▔▔ ▔▔▔▔▔ ▔▔▔▔▔▔ ▔▔▔ ▔▔▔▔ ▔▔▔▔▔ ▔▔ ▔▔▔▔▔▔▔ ▔▔▔ ▔▔▔▔▔ ▔▔▔ ▔▔▔▔▔▔ ▔▔▔▔ ▔▔▔▔▔ ▔▔▔ ▔▔▔▔▔ ▔▔▔▔▔▔ ▔▔ ▔▔▔▔▔ ▔▔▔ ▔▔▔▔▔▔ ▔▔▔▔
